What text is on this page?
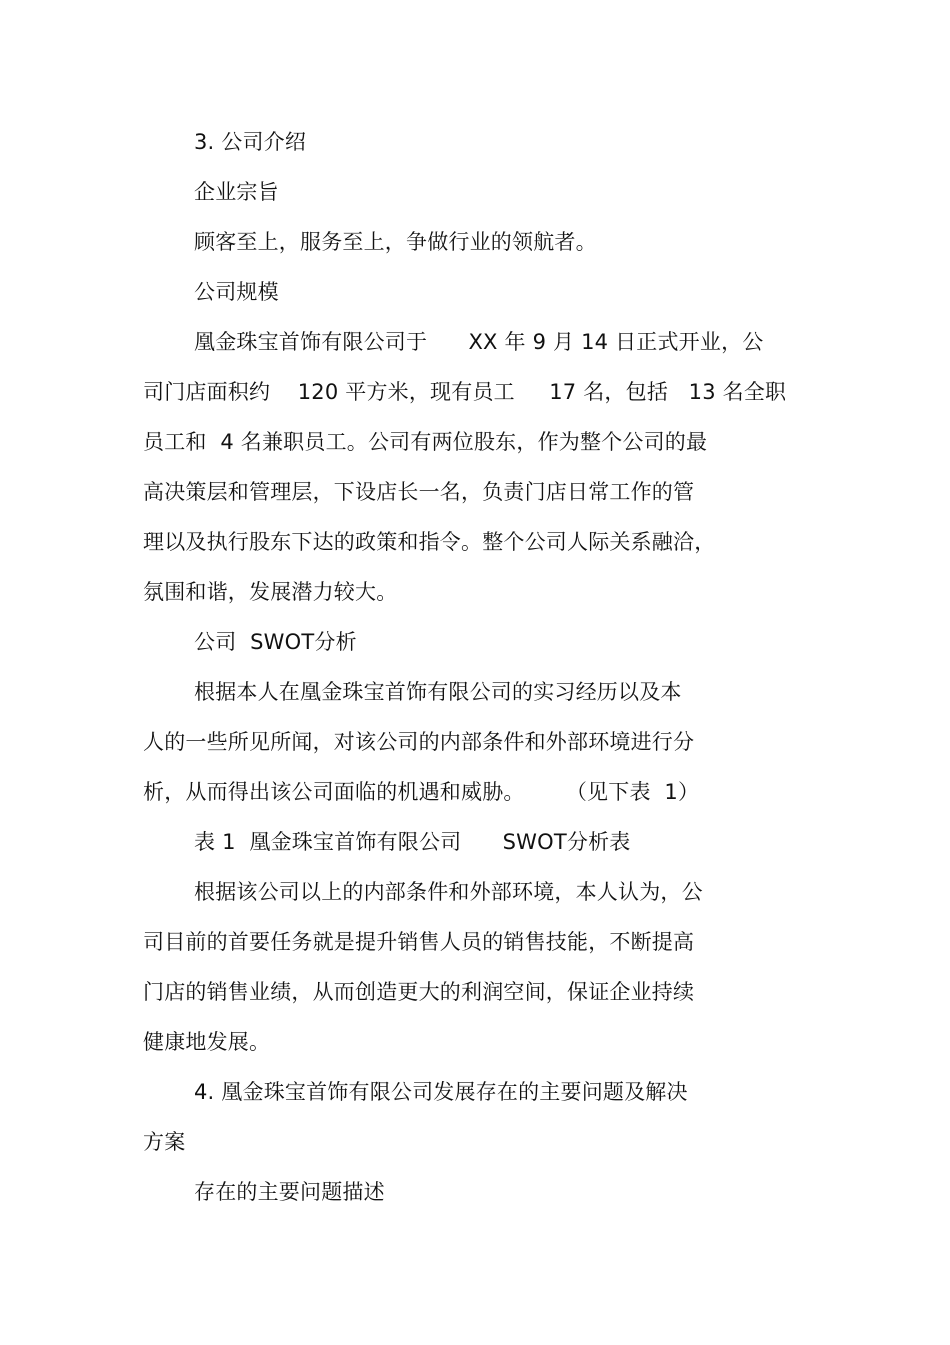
3. 公司介绍
企业宗旨
顾客至上，服务至上，争做行业的领航者。
公司规模
凰金珠宝首饰有限公司于      XX 年 9 月 14 日正式开业，公
司门店面积约    120 平方米，现有员工     17 名，包括   13 名全职
员工和  4 名兼职员工。公司有两位股东，作为整个公司的最
高决策层和管理层，下设店长一名，负责门店日常工作的管
理以及执行股东下达的政策和指令。整个公司人际关系融洽，
氛围和谐，发展潜力较大。
公司  SWOT分析
根据本人在凰金珠宝首饰有限公司的实习经历以及本
人的一些所见所闻，对该公司的内部条件和外部环境进行分
析，从而得出该公司面临的机遇和威胁。      （见下表  1）
表 1  凰金珠宝首饰有限公司      SWOT分析表
根据该公司以上的内部条件和外部环境，本人认为，公
司目前的首要任务就是提升销售人员的销售技能，不断提高
门店的销售业绩，从而创造更大的利润空间，保证企业持续
健康地发展。
4. 凰金珠宝首饰有限公司发展存在的主要问题及解决
方案
存在的主要问题描述
